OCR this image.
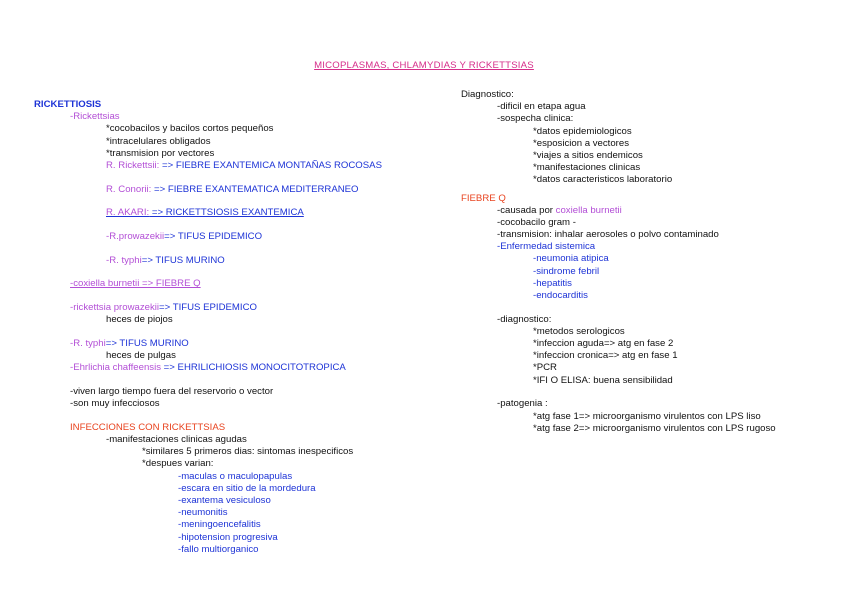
MICOPLASMAS, CHLAMYDIAS Y RICKETTSIAS
RICKETTIOSIS
-Rickettsias
*cocobacilos y bacilos cortos pequeños
*intracelulares obligados
*transmision por vectores
R. Rickettsii: => FIEBRE EXANTEMICA MONTAÑAS ROCOSAS
R. Conorii: => FIEBRE EXANTEMATICA MEDITERRANEO
R. AKARI: => RICKETTSIOSIS EXANTEMICA
-R.prowazekii=> TIFUS EPIDEMICO
-R. typhi=> TIFUS MURINO
-coxiella burnetii => FIEBRE Q
-rickettsia prowazekii=> TIFUS EPIDEMICO
heces de piojos
-R. typhi=> TIFUS MURINO
heces de pulgas
-Ehrlichia chaffeensis => EHRILICHIOSIS MONOCITOTROPICA
-viven largo tiempo fuera del reservorio o vector
-son muy infecciosos
INFECCIONES CON RICKETTSIAS
-manifestaciones clinicas agudas
*similares 5 primeros dias: sintomas inespecificos
*despues varian:
-maculas o maculopapulas
-escara en sitio de la mordedura
-exantema vesiculoso
-neumonitis
-meningoencefalitis
-hipotension progresiva
-fallo multiorganico
Diagnostico:
-dificil en etapa agua
-sospecha clinica:
*datos epidemiologicos
*esposicion a vectores
*viajes a sitios endemicos
*manifestaciones clinicas
*datos caracteristicos laboratorio
FIEBRE Q
-causada por coxiella burnetii
-cocobacilo gram -
-transmision: inhalar aerosoles o polvo contaminado
-Enfermedad sistemica
-neumonia atipica
-sindrome febril
-hepatitis
-endocarditis
-diagnostico:
*metodos serologicos
*infeccion aguda=> atg en fase 2
*infeccion cronica=> atg en fase 1
*PCR
*IFI O ELISA: buena sensibilidad
-patogenia :
*atg fase 1=> microorganismo virulentos con LPS liso
*atg fase 2=> microorganismo virulentos con LPS rugoso
